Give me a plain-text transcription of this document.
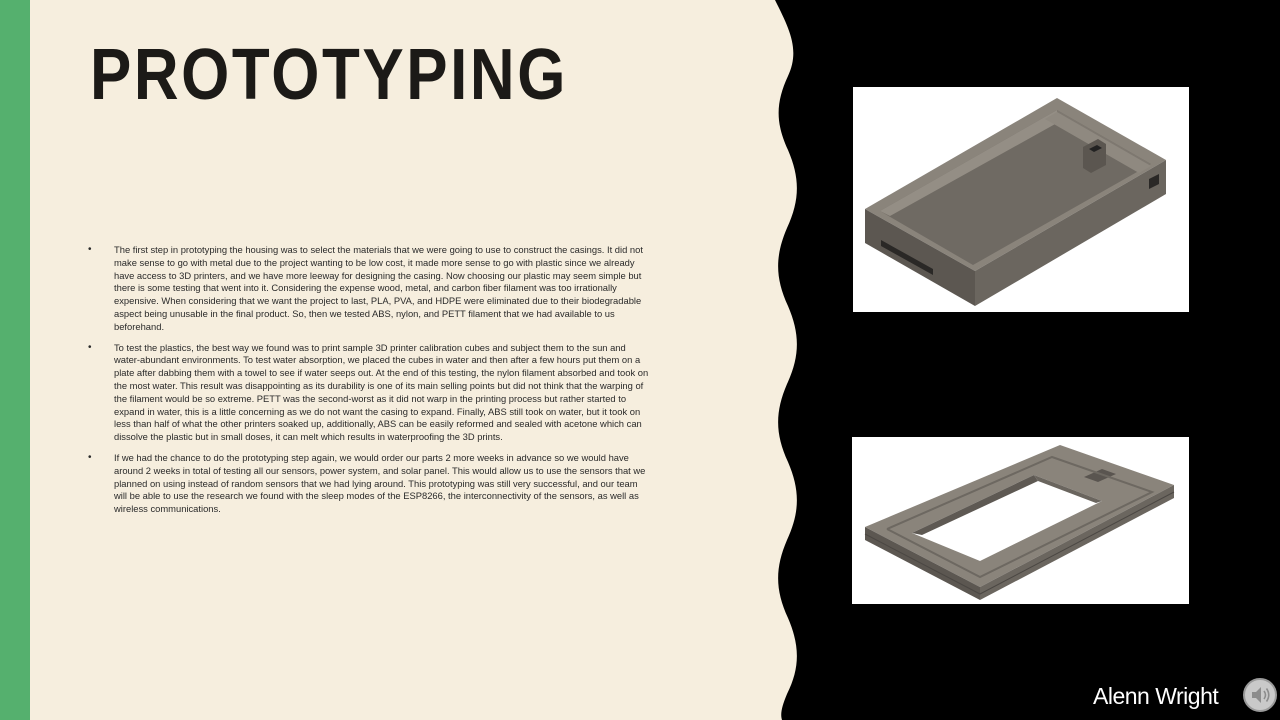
PROTOTYPING
• The first step in prototyping the housing was to select the materials that we were going to use to construct the casings. It did not make sense to go with metal due to the project wanting to be low cost, it made more sense to go with plastic since we already have access to 3D printers, and we have more leeway for designing the casing. Now choosing our plastic may seem simple but there is some testing that went into it. Considering the expense wood, metal, and carbon fiber filament was too irrationally expensive. When considering that we want the project to last, PLA, PVA, and HDPE were eliminated due to their biodegradable aspect being unusable in the final product. So, then we tested ABS, nylon, and PETT filament that we had available to us beforehand.
• To test the plastics, the best way we found was to print sample 3D printer calibration cubes and subject them to the sun and water-abundant environments. To test water absorption, we placed the cubes in water and then after a few hours put them on a plate after dabbing them with a towel to see if water seeps out. At the end of this testing, the nylon filament absorbed and took on the most water. This result was disappointing as its durability is one of its main selling points but did not think that the warping of the filament would be so extreme. PETT was the second-worst as it did not warp in the printing process but rather started to expand in water, this is a little concerning as we do not want the casing to expand. Finally, ABS still took on water, but it took on less than half of what the other printers soaked up, additionally, ABS can be easily reformed and sealed with acetone which can dissolve the plastic but in small doses, it can melt which results in waterproofing the 3D prints.
• If we had the chance to do the prototyping step again, we would order our parts 2 more weeks in advance so we would have around 2 weeks in total of testing all our sensors, power system, and solar panel. This would allow us to use the sensors that we planned on using instead of random sensors that we had lying around. This prototyping was still very successful, and our team will be able to use the research we found with the sleep modes of the ESP8266, the interconnectivity of the sensors, as well as wireless communications.
Alenn Wright
